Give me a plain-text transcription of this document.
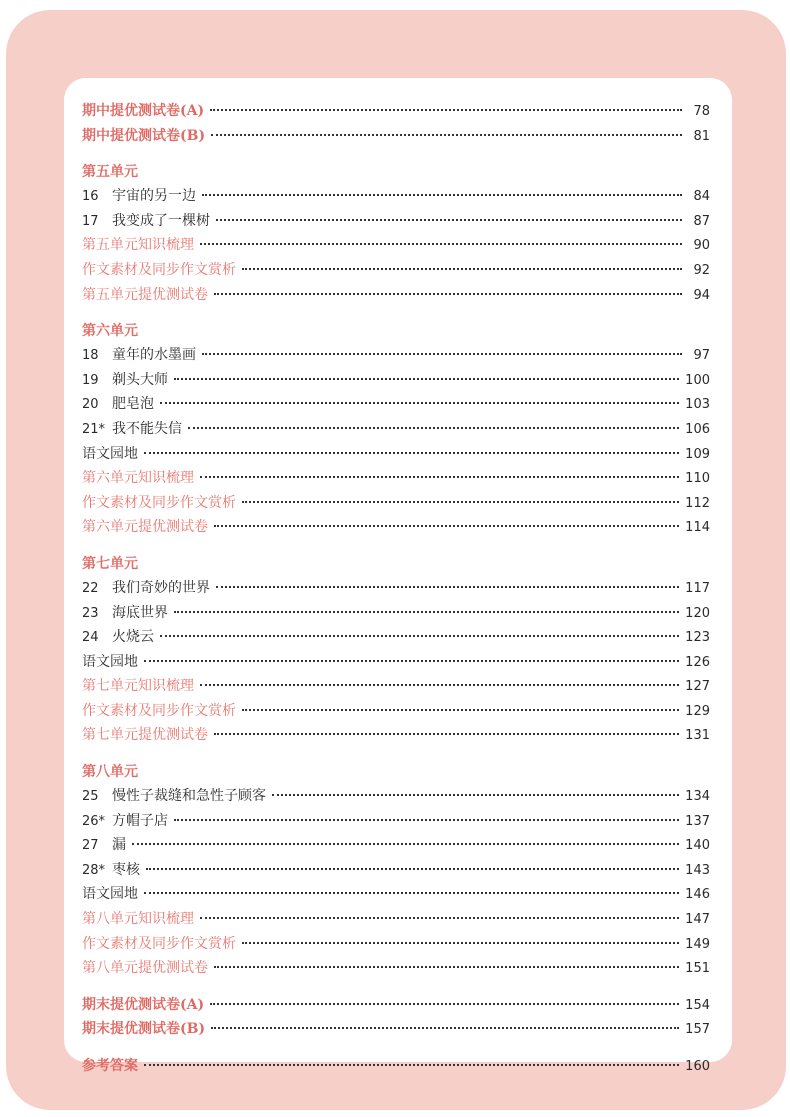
期中提优测试卷(A)	78
期中提优测试卷(B)	81
第五单元
16 宇宙的另一边	84
17 我变成了一棵树	87
第五单元知识梳理	90
作文素材及同步作文赏析	92
第五单元提优测试卷	94
第六单元
18 童年的水墨画	97
19 剃头大师	100
20 肥皂泡	103
21* 我不能失信	106
语文园地	109
第六单元知识梳理	110
作文素材及同步作文赏析	112
第六单元提优测试卷	114
第七单元
22 我们奇妙的世界	117
23 海底世界	120
24 火烧云	123
语文园地	126
第七单元知识梳理	127
作文素材及同步作文赏析	129
第七单元提优测试卷	131
第八单元
25 慢性子裁缝和急性子顾客	134
26* 方帽子店	137
27 漏	140
28* 枣核	143
语文园地	146
第八单元知识梳理	147
作文素材及同步作文赏析	149
第八单元提优测试卷	151
期末提优测试卷(A)	154
期末提优测试卷(B)	157
参考答案	160
